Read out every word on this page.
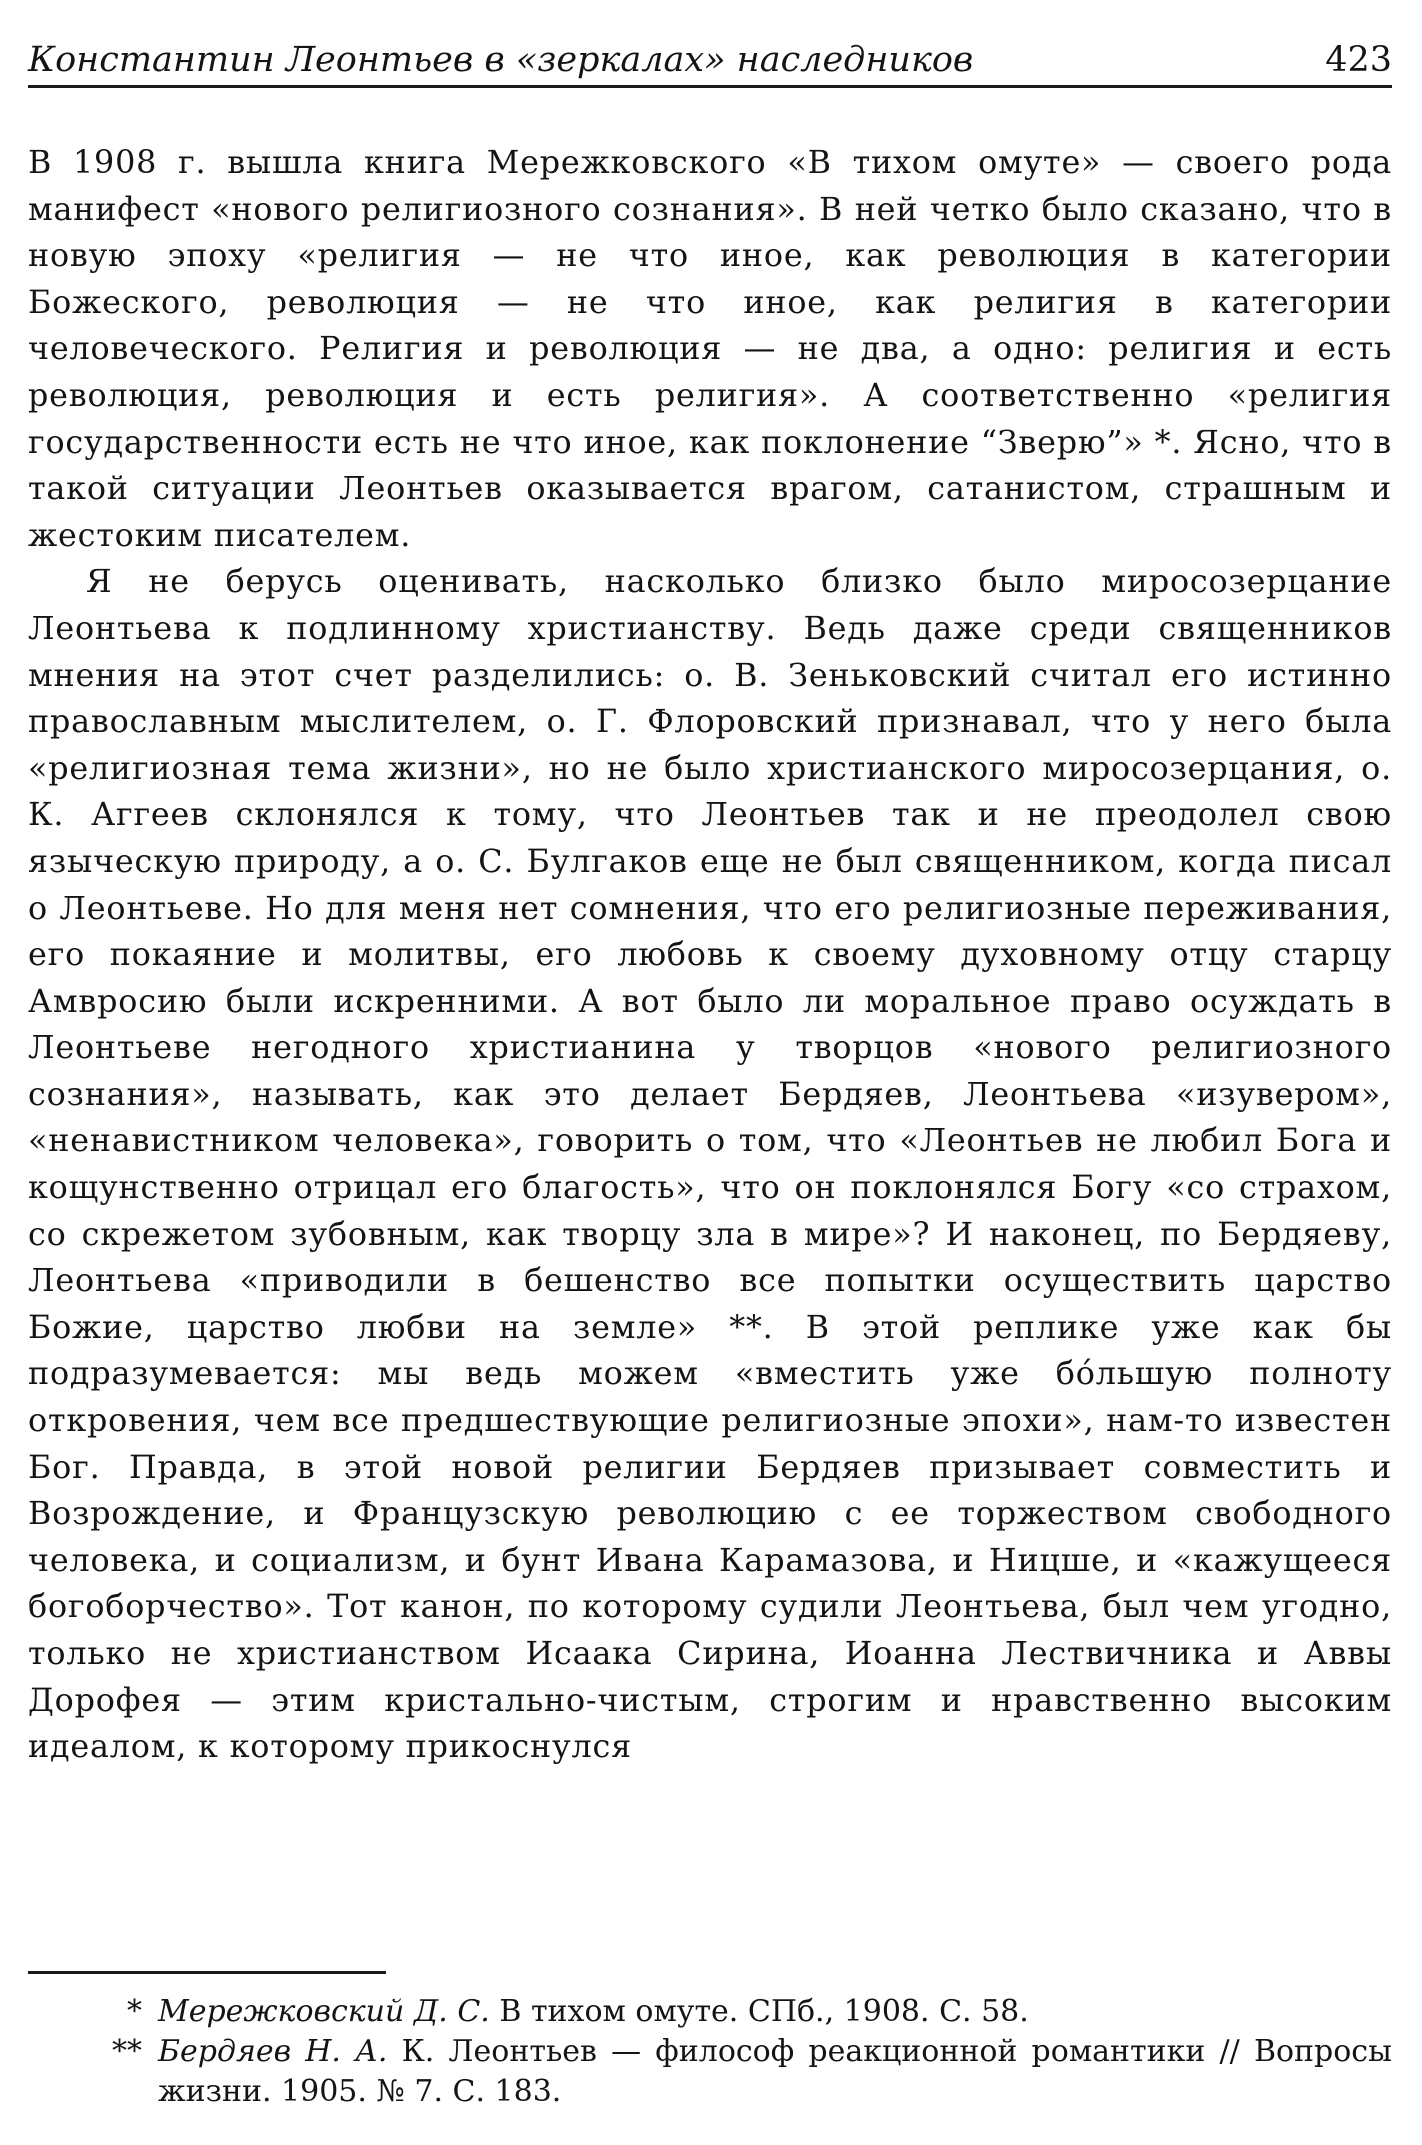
Константин Леонтьев в «зеркалах» наследников	423

В 1908 г. вышла книга Мережковского «В тихом омуте» — своего рода манифест «нового религиозного сознания». В ней четко было сказано, что в новую эпоху «религия — не что иное, как революция в категории Божеского, революция — не что иное, как религия в категории человеческого. Религия и революция — не два, а одно: религия и есть революция, революция и есть религия». А соответственно «религия государственности есть не что иное, как поклонение “Зверю”» *. Ясно, что в такой ситуации Леонтьев оказывается врагом, сатанистом, страшным и жестоким писателем.

Я не берусь оценивать, насколько близко было миросозерцание Леонтьева к подлинному христианству. Ведь даже среди священников мнения на этот счет разделились: о. В. Зеньковский считал его истинно православным мыслителем, о. Г. Флоровский признавал, что у него была «религиозная тема жизни», но не было христианского миросозерцания, о. К. Аггеев склонялся к тому, что Леонтьев так и не преодолел свою языческую природу, а о. С. Булгаков еще не был священником, когда писал о Леонтьеве. Но для меня нет сомнения, что его религиозные переживания, его покаяние и молитвы, его любовь к своему духовному отцу старцу Амвросию были искренними. А вот было ли моральное право осуждать в Леонтьеве негодного христианина у творцов «нового религиозного сознания», называть, как это делает Бердяев, Леонтьева «изувером», «ненавистником человека», говорить о том, что «Леонтьев не любил Бога и кощунственно отрицал его благость», что он поклонялся Богу «со страхом, со скрежетом зубовным, как творцу зла в мире»? И наконец, по Бердяеву, Леонтьева «приводили в бешенство все попытки осуществить царство Божие, царство любви на земле» **. В этой реплике уже как бы подразумевается: мы ведь можем «вместить уже бóльшую полноту откровения, чем все предшествующие религиозные эпохи», нам-то известен Бог. Правда, в этой новой религии Бердяев призывает совместить и Возрождение, и Французскую революцию с ее торжеством свободного человека, и социализм, и бунт Ивана Карамазова, и Ницше, и «кажущееся богоборчество». Тот канон, по которому судили Леонтьева, был чем угодно, только не христианством Исаака Сирина, Иоанна Лествичника и Аввы Дорофея — этим кристально-чистым, строгим и нравственно высоким идеалом, к которому прикоснулся

* Мережковский Д. С. В тихом омуте. СПб., 1908. С. 58.
** Бердяев Н. А. К. Леонтьев — философ реакционной романтики // Вопросы жизни. 1905. № 7. С. 183.
